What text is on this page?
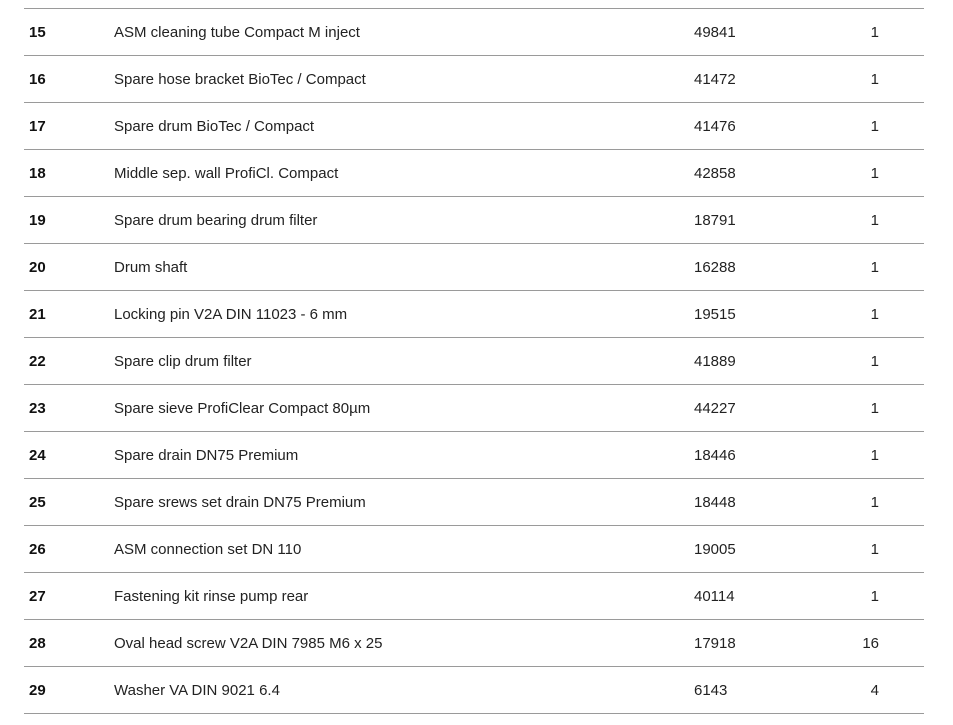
15	ASM cleaning tube Compact M inject	49841	1
16	Spare hose bracket BioTec / Compact	41472	1
17	Spare drum BioTec / Compact	41476	1
18	Middle sep. wall ProfiCl. Compact	42858	1
19	Spare drum bearing drum filter	18791	1
20	Drum shaft	16288	1
21	Locking pin V2A DIN 11023 - 6 mm	19515	1
22	Spare clip drum filter	41889	1
23	Spare sieve ProfiClear Compact 80µm	44227	1
24	Spare drain DN75 Premium	18446	1
25	Spare srews set drain DN75 Premium	18448	1
26	ASM connection set DN 110	19005	1
27	Fastening kit rinse pump rear	40114	1
28	Oval head screw V2A DIN 7985 M6 x 25	17918	16
29	Washer VA DIN 9021 6.4	6143	4
